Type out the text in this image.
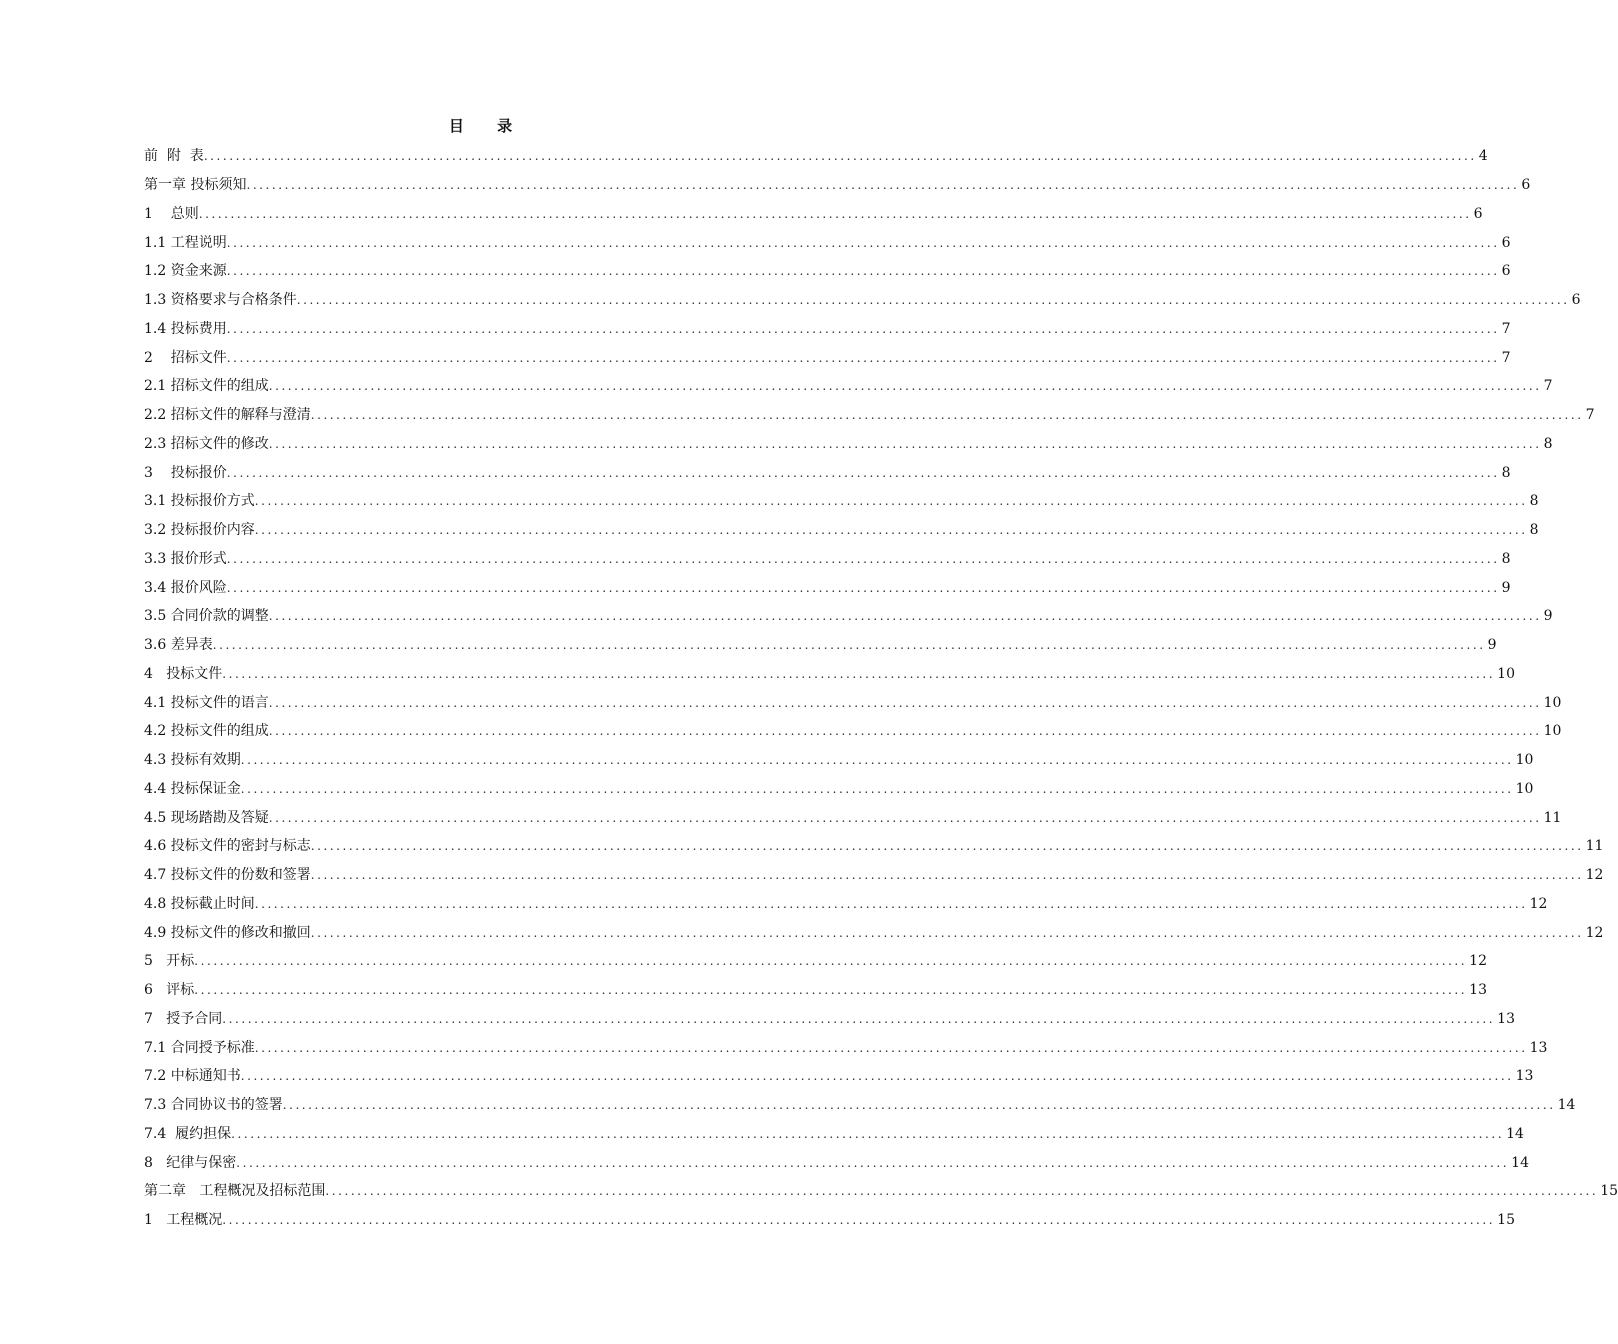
目 录
前  附  表 ........................................................................................................................................................................................................ 4
第一章 投标须知 ........................................................................................................................................................................................................ 6
1    总则 ........................................................................................................................................................................................................ 6
1.1 工程说明 ........................................................................................................................................................................................................ 6
1.2 资金来源 ........................................................................................................................................................................................................ 6
1.3 资格要求与合格条件 ........................................................................................................................................................................................................ 6
1.4 投标费用 ........................................................................................................................................................................................................ 7
2    招标文件 ........................................................................................................................................................................................................ 7
2.1 招标文件的组成 ........................................................................................................................................................................................................ 7
2.2 招标文件的解释与澄清 ........................................................................................................................................................................................................ 7
2.3 招标文件的修改 ........................................................................................................................................................................................................ 8
3    投标报价 ........................................................................................................................................................................................................ 8
3.1 投标报价方式 ........................................................................................................................................................................................................ 8
3.2 投标报价内容 ........................................................................................................................................................................................................ 8
3.3 报价形式 ........................................................................................................................................................................................................ 8
3.4 报价风险 ........................................................................................................................................................................................................ 9
3.5 合同价款的调整 ........................................................................................................................................................................................................ 9
3.6 差异表 ........................................................................................................................................................................................................ 9
4   投标文件 ........................................................................................................................................................................................................ 10
4.1 投标文件的语言 ........................................................................................................................................................................................................ 10
4.2 投标文件的组成 ........................................................................................................................................................................................................ 10
4.3 投标有效期 ........................................................................................................................................................................................................ 10
4.4 投标保证金 ........................................................................................................................................................................................................ 10
4.5 现场踏勘及答疑 ........................................................................................................................................................................................................ 11
4.6 投标文件的密封与标志 ........................................................................................................................................................................................................ 11
4.7 投标文件的份数和签署 ........................................................................................................................................................................................................ 12
4.8 投标截止时间 ........................................................................................................................................................................................................ 12
4.9 投标文件的修改和撤回 ........................................................................................................................................................................................................ 12
5   开标 ........................................................................................................................................................................................................ 12
6   评标 ........................................................................................................................................................................................................ 13
7   授予合同 ........................................................................................................................................................................................................ 13
7.1 合同授予标准 ........................................................................................................................................................................................................ 13
7.2 中标通知书 ........................................................................................................................................................................................................ 13
7.3 合同协议书的签署 ........................................................................................................................................................................................................ 14
7.4  履约担保 ........................................................................................................................................................................................................ 14
8   纪律与保密 ........................................................................................................................................................................................................ 14
第二章   工程概况及招标范围 ........................................................................................................................................................................................................ 15
1   工程概况 ........................................................................................................................................................................................................ 15
